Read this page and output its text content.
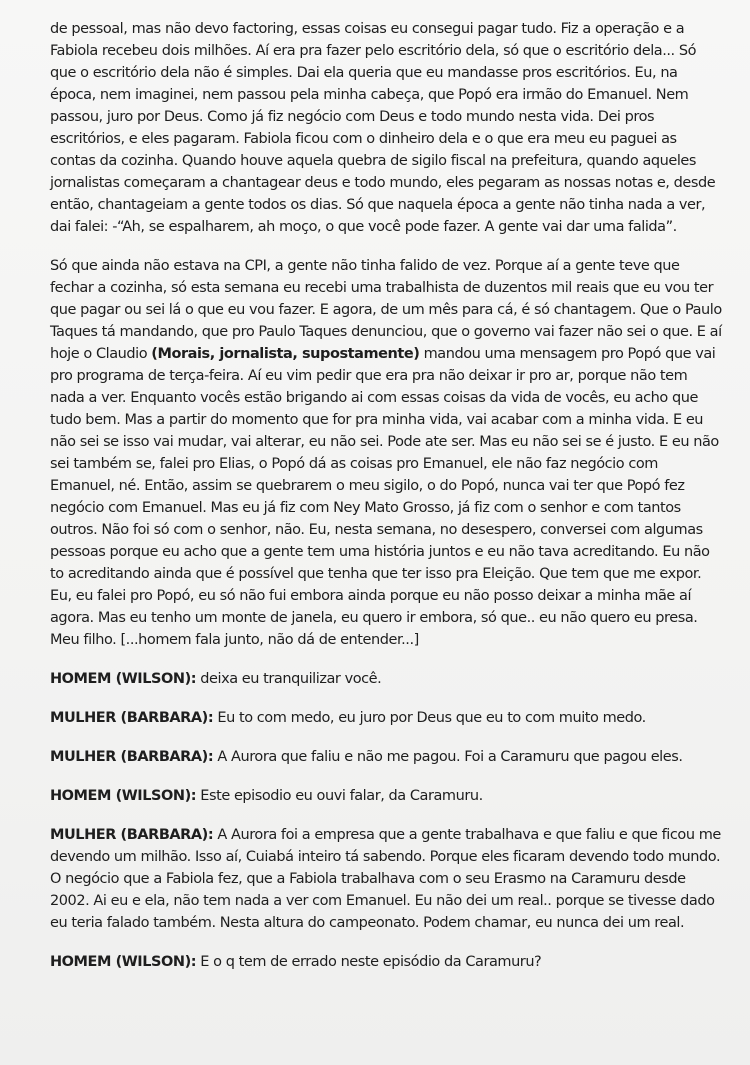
de pessoal, mas não devo factoring, essas coisas eu consegui pagar tudo. Fiz a operação e a Fabiola recebeu dois milhões. Aí era pra fazer pelo escritório dela, só que o escritório dela... Só que o escritório dela não é simples. Dai ela queria que eu mandasse pros escritórios. Eu, na época, nem imaginei, nem passou pela minha cabeça, que Popó era irmão do Emanuel. Nem passou, juro por Deus. Como já fiz negócio com Deus e todo mundo nesta vida. Dei pros escritórios, e eles pagaram. Fabiola ficou com o dinheiro dela e o que era meu eu paguei as contas da cozinha. Quando houve aquela quebra de sigilo fiscal na prefeitura, quando aqueles jornalistas começaram a chantagear deus e todo mundo, eles pegaram as nossas notas e, desde então, chantageiam a gente todos os dias. Só que naquela época a gente não tinha nada a ver, dai falei: -“Ah, se espalharem, ah moço, o que você pode fazer. A gente vai dar uma falida”.

Só que ainda não estava na CPI, a gente não tinha falido de vez. Porque aí a gente teve que fechar a cozinha, só esta semana eu recebi uma trabalhista de duzentos mil reais que eu vou ter que pagar ou sei lá o que eu vou fazer. E agora, de um mês para cá, é só chantagem. Que o Paulo Taques tá mandando, que pro Paulo Taques denunciou, que o governo vai fazer não sei o que. E aí hoje o Claudio (Morais, jornalista, supostamente) mandou uma mensagem pro Popó que vai pro programa de terça-feira. Aí eu vim pedir que era pra não deixar ir pro ar, porque não tem nada a ver. Enquanto vocês estão brigando ai com essas coisas da vida de vocês, eu acho que tudo bem. Mas a partir do momento que for pra minha vida, vai acabar com a minha vida. E eu não sei se isso vai mudar, vai alterar, eu não sei. Pode ate ser. Mas eu não sei se é justo. E eu não sei também se, falei pro Elias, o Popó dá as coisas pro Emanuel, ele não faz negócio com Emanuel, né. Então, assim se quebrarem o meu sigilo, o do Popó, nunca vai ter que Popó fez negócio com Emanuel. Mas eu já fiz com Ney Mato Grosso, já fiz com o senhor e com tantos outros. Não foi só com o senhor, não. Eu, nesta semana, no desespero, conversei com algumas pessoas porque eu acho que a gente tem uma história juntos e eu não tava acreditando. Eu não to acreditando ainda que é possível que tenha que ter isso pra Eleição. Que tem que me expor. Eu, eu falei pro Popó, eu só não fui embora ainda porque eu não posso deixar a minha mãe aí agora. Mas eu tenho um monte de janela, eu quero ir embora, só que.. eu não quero eu presa. Meu filho. [...homem fala junto, não dá de entender...]

HOMEM (WILSON): deixa eu tranquilizar você.

MULHER (BARBARA): Eu to com medo, eu juro por Deus que eu to com muito medo.

MULHER (BARBARA): A Aurora que faliu e não me pagou. Foi a Caramuru que pagou eles.

HOMEM (WILSON): Este episodio eu ouvi falar, da Caramuru.

MULHER (BARBARA): A Aurora foi a empresa que a gente trabalhava e que faliu e que ficou me devendo um milhão. Isso aí, Cuiabá inteiro tá sabendo. Porque eles ficaram devendo todo mundo. O negócio que a Fabiola fez, que a Fabiola trabalhava com o seu Erasmo na Caramuru desde 2002. Ai eu e ela, não tem nada a ver com Emanuel. Eu não dei um real.. porque se tivesse dado eu teria falado também. Nesta altura do campeonato. Podem chamar, eu nunca dei um real.

HOMEM (WILSON): E o q tem de errado neste episódio da Caramuru?
